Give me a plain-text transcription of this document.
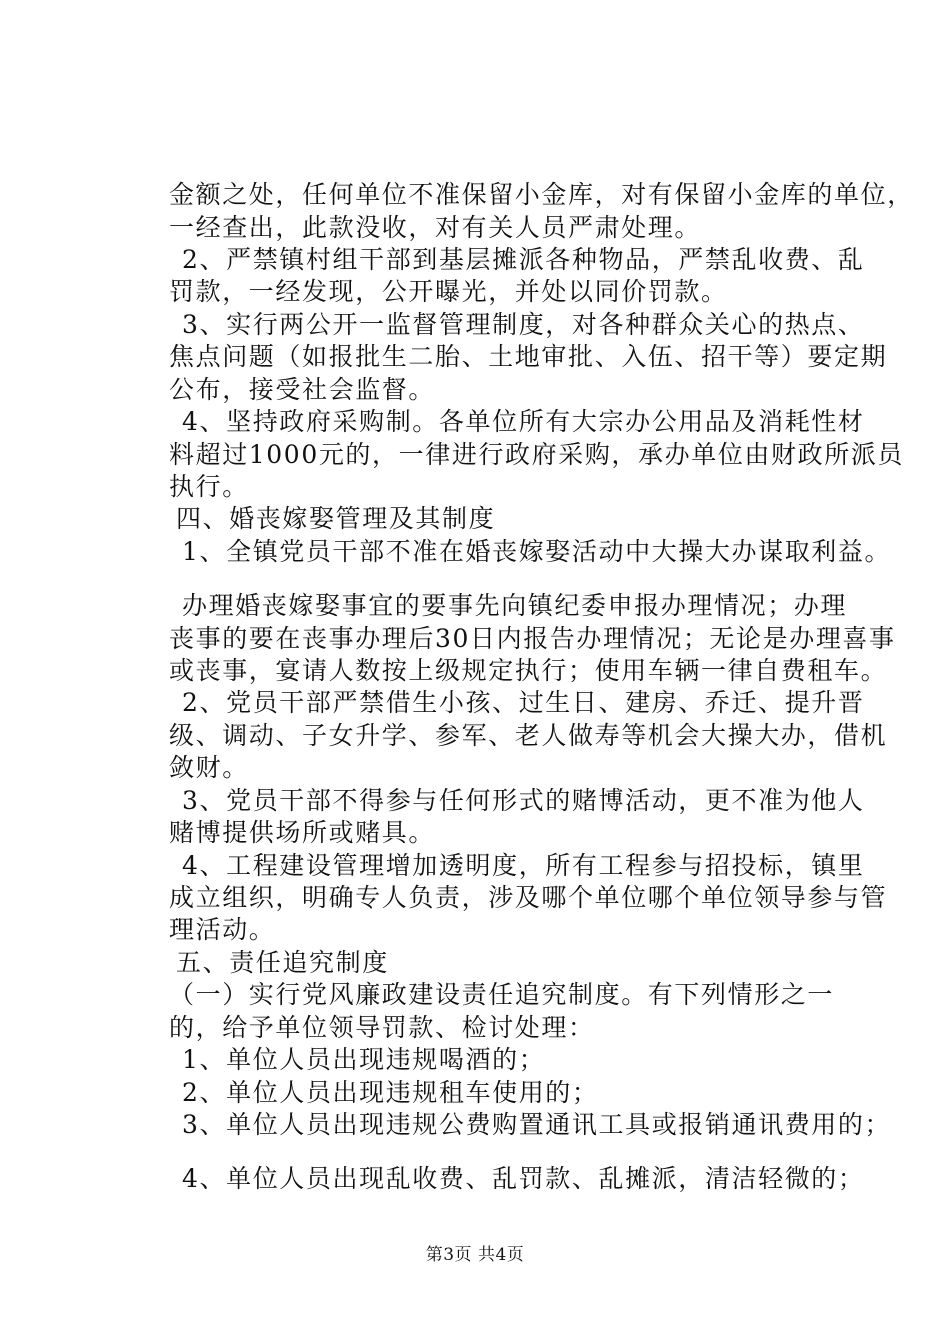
金额之处，任何单位不准保留小金库，对有保留小金库的单位，
一经查出，此款没收，对有关人员严肃处理。
2、严禁镇村组干部到基层摊派各种物品，严禁乱收费、乱
罚款，一经发现，公开曝光，并处以同价罚款。
3、实行两公开一监督管理制度，对各种群众关心的热点、
焦点问题（如报批生二胎、土地审批、入伍、招干等）要定期
公布，接受社会监督。
4、坚持政府采购制。各单位所有大宗办公用品及消耗性材
料超过1000元的，一律进行政府采购，承办单位由财政所派员
执行。
四、婚丧嫁娶管理及其制度
1、全镇党员干部不准在婚丧嫁娶活动中大操大办谋取利益。
办理婚丧嫁娶事宜的要事先向镇纪委申报办理情况；办理
丧事的要在丧事办理后30日内报告办理情况；无论是办理喜事
或丧事，宴请人数按上级规定执行；使用车辆一律自费租车。
2、党员干部严禁借生小孩、过生日、建房、乔迁、提升晋
级、调动、子女升学、参军、老人做寿等机会大操大办，借机
敛财。
3、党员干部不得参与任何形式的赌博活动，更不准为他人
赌博提供场所或赌具。
4、工程建设管理增加透明度，所有工程参与招投标，镇里
成立组织，明确专人负责，涉及哪个单位哪个单位领导参与管
理活动。
五、责任追究制度
（一）实行党风廉政建设责任追究制度。有下列情形之一
的，给予单位领导罚款、检讨处理：
1、单位人员出现违规喝酒的；
2、单位人员出现违规租车使用的；
3、单位人员出现违规公费购置通讯工具或报销通讯费用的；
4、单位人员出现乱收费、乱罚款、乱摊派，清洁轻微的；
第3页 共4页
